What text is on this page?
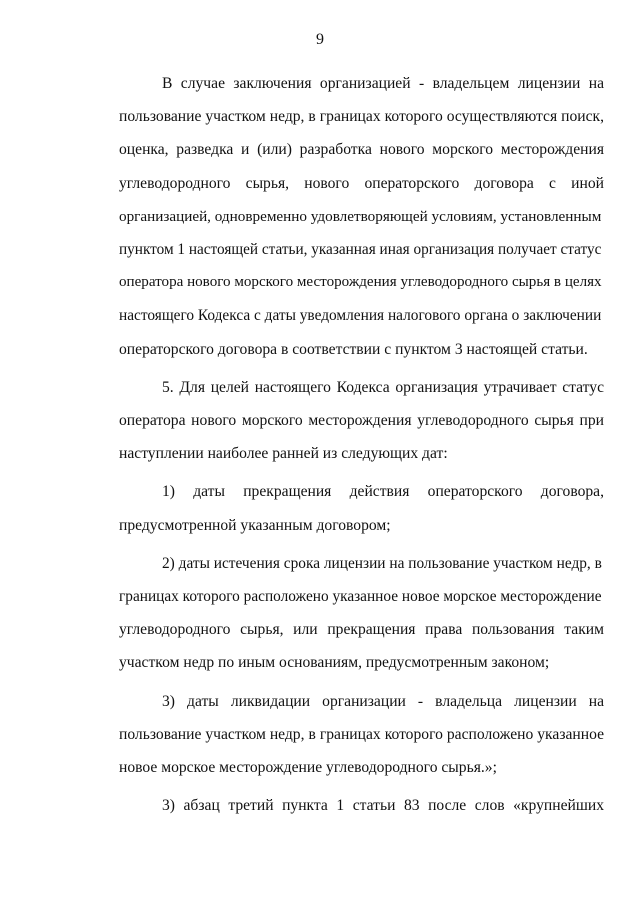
9

В случае заключения организацией - владельцем лицензии на
пользование участком недр, в границах которого осуществляются поиск,
оценка, разведка и (или) разработка нового морского месторождения
углеводородного сырья, нового операторского договора с иной
организацией, одновременно удовлетворяющей условиям, установленным
пунктом 1 настоящей статьи, указанная иная организация получает статус
оператора нового морского месторождения углеводородного сырья в целях
настоящего Кодекса с даты уведомления налогового органа о заключении
операторского договора в соответствии с пунктом 3 настоящей статьи.

5. Для целей настоящего Кодекса организация утрачивает статус
оператора нового морского месторождения углеводородного сырья при
наступлении наиболее ранней из следующих дат:

1) даты прекращения действия операторского договора,
предусмотренной указанным договором;

2) даты истечения срока лицензии на пользование участком недр, в
границах которого расположено указанное новое морское месторождение
углеводородного сырья, или прекращения права пользования таким
участком недр по иным основаниям, предусмотренным законом;

3) даты ликвидации организации - владельца лицензии на
пользование участком недр, в границах которого расположено указанное
новое морское месторождение углеводородного сырья.»;

3) абзац третий пункта 1 статьи 83 после слов «крупнейших
